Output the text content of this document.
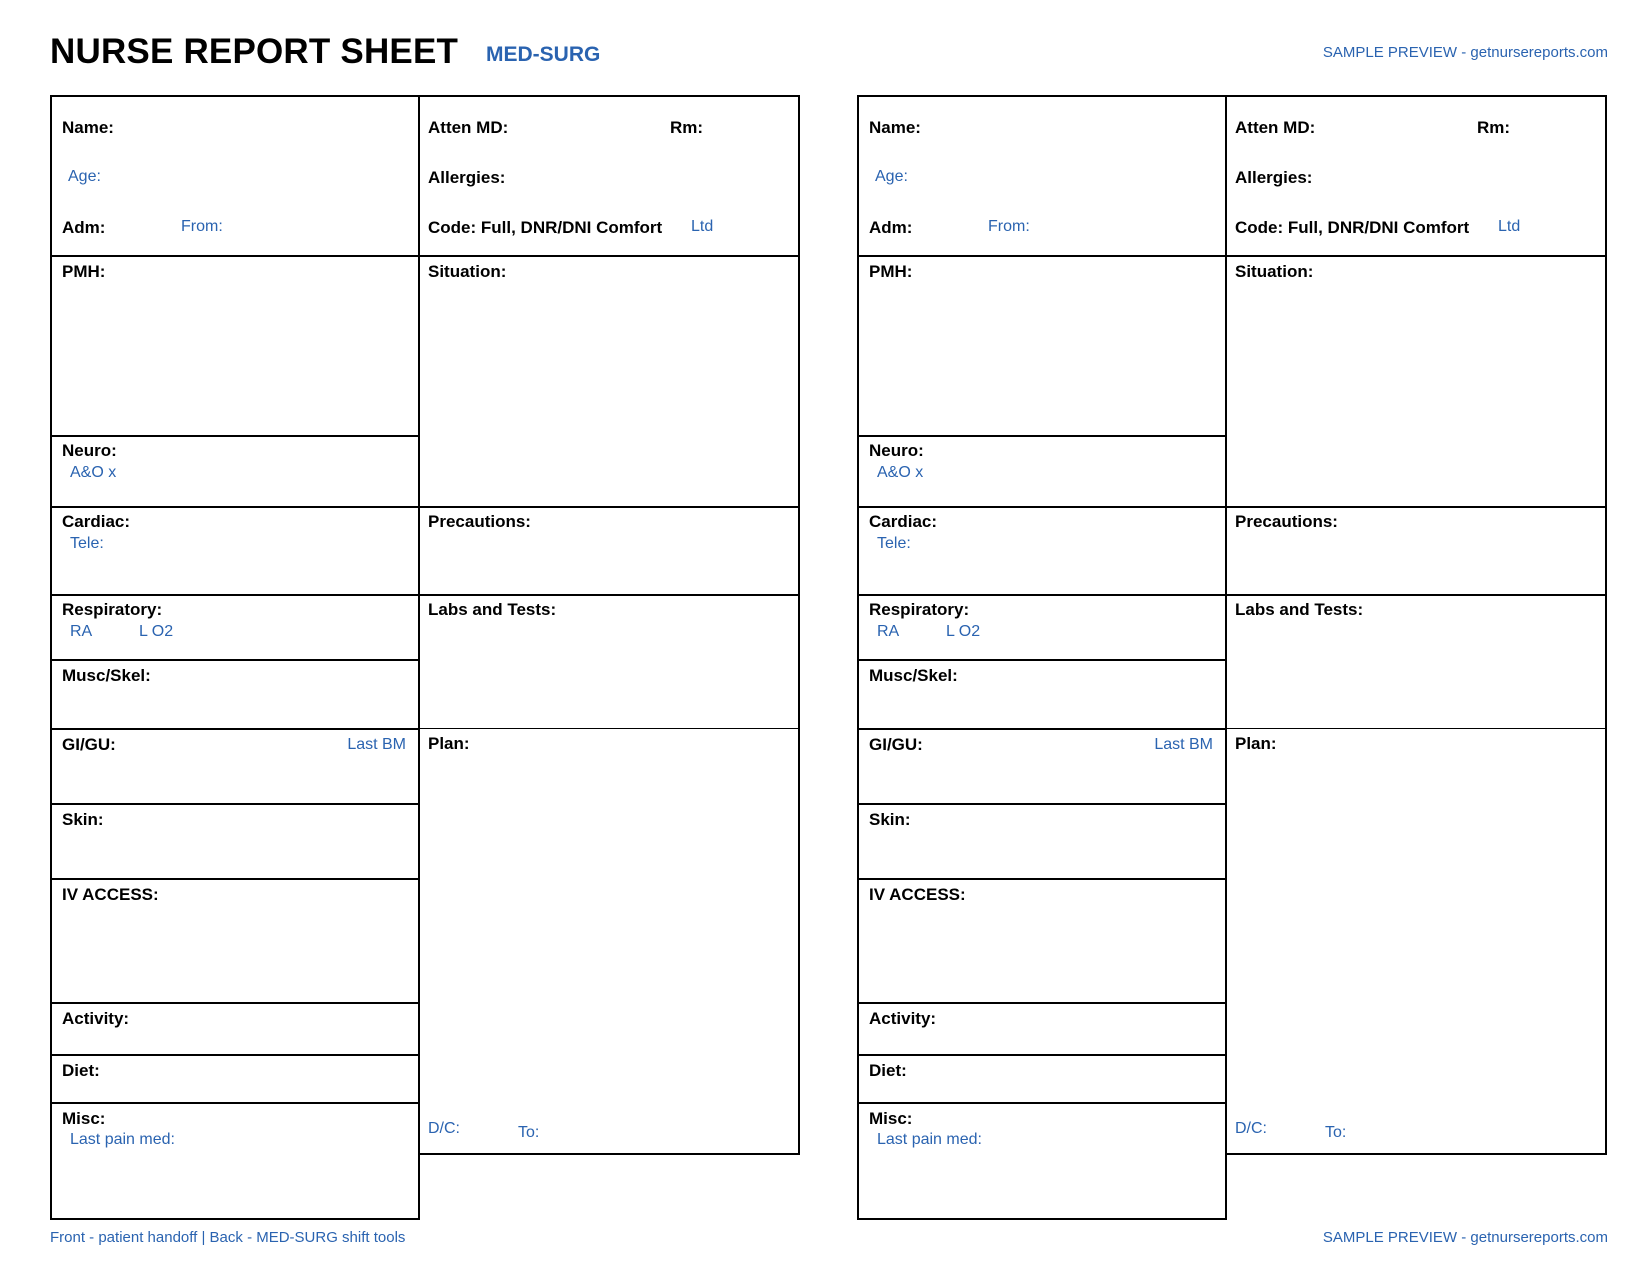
NURSE REPORT SHEET MED-SURG	SAMPLE PREVIEW - getnursereports.com
Name:
Age:
Adm:	From:
PMH:
Neuro:
A&O x
Cardiac:
Tele:
Respiratory:
RA	L O2
Musc/Skel:
GI/GU:	Last BM
Skin:
IV ACCESS:
Activity:
Diet:
Misc:
Last pain med:
Atten MD:	Rm:
Allergies:
Code: Full, DNR/DNI Comfort Ltd
Situation:
Precautions:
Labs and Tests:
Plan:
D/C:	To:
Name:
Age:
Adm:	From:
PMH:
Neuro:
A&O x
Cardiac:
Tele:
Respiratory:
RA	L O2
Musc/Skel:
GI/GU:	Last BM
Skin:
IV ACCESS:
Activity:
Diet:
Misc:
Last pain med:
Atten MD:	Rm:
Allergies:
Code: Full, DNR/DNI Comfort Ltd
Situation:
Precautions:
Labs and Tests:
Plan:
D/C:	To:
Front - patient handoff | Back - MED-SURG shift tools	SAMPLE PREVIEW - getnursereports.com
